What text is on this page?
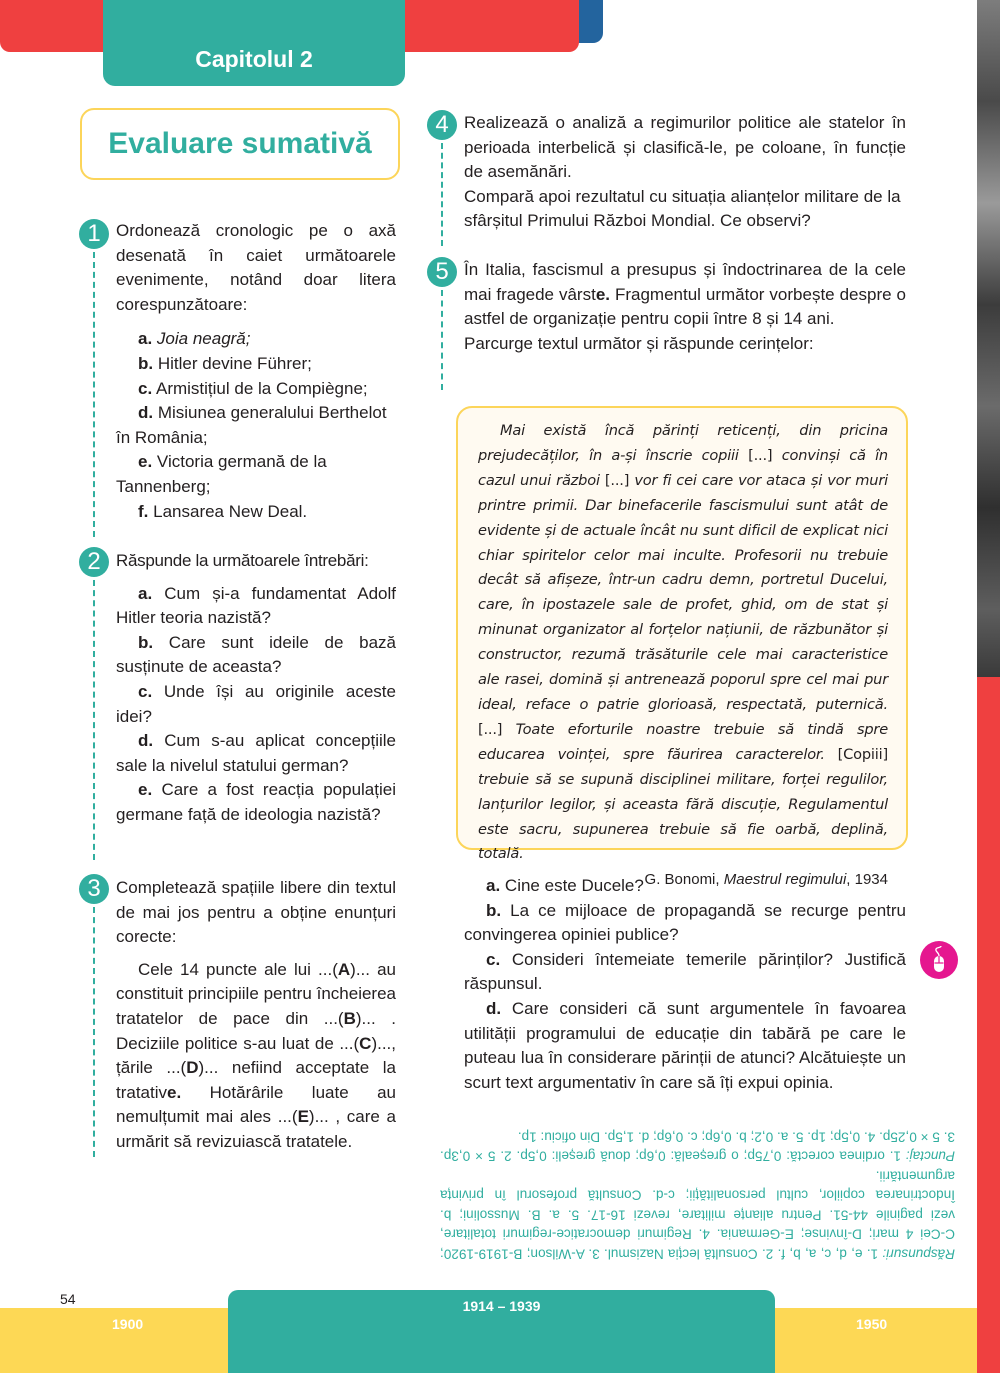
Capitolul 2
Evaluare sumativă
1 Ordonează cronologic pe o axă desenată în caiet următoarele evenimente, notând doar litera corespunzătoare:

a. Joia neagră;

b. Hitler devine Führer;

c. Armistițiul de la Compiègne;

d. Misiunea generalului Berthelot în România;

e. Victoria germană de la Tannenberg;

f. Lansarea New Deal.

2 Răspunde la următoarele întrebări:

a. Cum și-a fundamentat Adolf Hitler teoria nazistă?

b. Care sunt ideile de bază susținute de aceasta?

c. Unde își au originile aceste idei?

d. Cum s-au aplicat concepțiile sale la nivelul statului german?

e. Care a fost reacția populației germane față de ideologia nazistă?

3 Completează spațiile libere din textul de mai jos pentru a obține enunțuri corecte:

Cele 14 puncte ale lui ...(A)... au constituit principiile pentru încheierea tratatelor de pace din ...(B)... . Deciziile politice s-au luat de ...(C)..., țările ...(D)... nefiind acceptate la tratative. Hotărârile luate au nemulțumit mai ales ...(E)... , care a urmărit să revizuiască tratatele.

4 Realizează o analiză a regimurilor politice ale statelor în perioada interbelică și clasifică-le, pe coloane, în funcție de asemănări.

Compară apoi rezultatul cu situația alianțelor militare de la sfârșitul Primului Război Mondial. Ce observi?

5 În Italia, fascismul a presupus și îndoctrinarea de la cele mai fragede vârste. Fragmentul următor vorbește despre o astfel de organizație pentru copii între 8 și 14 ani.

Parcurge textul următor și răspunde cerințelor:

Mai există încă părinți reticenți, din pricina prejudecăților, în a-și înscrie copiii [...] convinși că în cazul unui război [...] vor fi cei care vor ataca și vor muri printre primii. Dar binefacerile fascismului sunt atât de evidente și de actuale încât nu sunt dificil de explicat nici chiar spiritelor celor mai inculte. Profesorii nu trebuie decât să afișeze, într-un cadru demn, portretul Ducelui, care, în ipostazele sale de profet, ghid, om de stat și minunat organizator al forțelor națiunii, de răzbunător și constructor, rezumă trăsăturile cele mai caracteristice ale rasei, domină și antrenează poporul spre cel mai pur ideal, reface o patrie glorioasă, respectată, puternică. [...] Toate eforturile noastre trebuie să tindă spre educarea voinței, spre făurirea caracterelor. [Copiii] trebuie să se supună disciplinei militare, forței regulilor, lanțurilor legilor, și aceasta fără discuție, Regulamentul este sacru, supunerea trebuie să fie oarbă, deplină, totală.

G. Bonomi, Maestrul regimului, 1934

a. Cine este Ducele?

b. La ce mijloace de propagandă se recurge pentru convingerea opiniei publice?

c. Consideri întemeiate temerile părinților? Justifică răspunsul.

d. Care consideri că sunt argumentele în favoarea utilității programului de educație din tabără pe care le puteau lua în considerare părinții de atunci? Alcătuiește un scurt text argumentativ în care să îți expui opinia.

Răspunsuri: 1. e, d, c, a, b, f. 2. Consultă lecția Nazismul. 3. A-Wilson; B-1919-1920; C-Cei 4 mari; D-învinse; E-Germania. 4. Regimuri democratice-regimuri totalitare, vezi paginile 44-51. Pentru alianțe militare, revezi 16-17. 5. a. B. Mussolini; b. Îndoctrinarea copiilor, cultul personalității; c-d. Consultă profesorul în privința argumentării.

Punctaj: 1. ordinea corectă: 0,75p; o greșeală: 0,6p; două greșeli: 0,5p. 2. 5 × 0,3p. 3. 5 × 0,25p. 4. 0,5p; 1p. 5. a. 0,2; b. 0,6p; c. 0,6p; d. 1,5p. Din oficiu: 1p.

54
1900	1950
1914 – 1939
